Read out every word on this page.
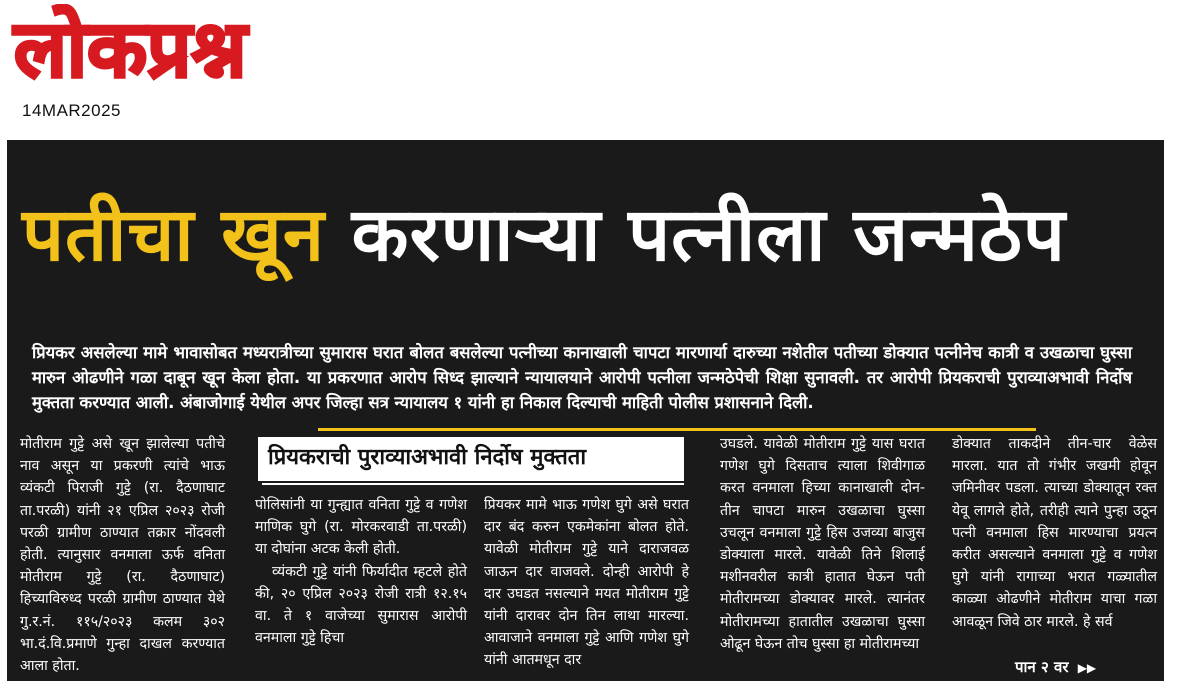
लोकप्रश्न
14MAR2025
पतीचा खून करणाऱ्या पत्नीला जन्मठेप
प्रियकर असलेल्या मामे भावासोबत मध्यरात्रीच्या सुमारास घरात बोलत बसलेल्या पत्नीच्या कानाखाली चापटा मारणार्या दारुच्या नशेतील पतीच्या डोक्यात पत्नीनेच कात्री व उखळाचा घुस्सा मारुन ओढणीने गळा दाबून खून केला होता. या प्रकरणात आरोप सिध्द झाल्याने न्यायालयाने आरोपी पत्नीला जन्मठेपेची शिक्षा सुनावली. तर आरोपी प्रियकराची पुराव्याअभावी निर्दोष मुक्तता करण्यात आली. अंबाजोगाई येथील अपर जिल्हा सत्र न्यायालय १ यांनी हा निकाल दिल्याची माहिती पोलीस प्रशासनाने दिली.

मोतीराम गुट्टे असे खून झालेल्या पतीचे नाव असून या प्रकरणी त्यांचे भाऊ व्यंकटी पिराजी गुट्टे (रा. दैठणाघाट ता.परळी) यांनी २१ एप्रिल २०२३ रोजी परळी ग्रामीण ठाण्यात तक्रार नोंदवली होती. त्यानुसार वनमाला ऊर्फ वनिता मोतीराम गुट्टे (रा. दैठणाघाट) हिच्याविरुध्द परळी ग्रामीण ठाण्यात येथे गु.र.नं. ११५/२०२३ कलम ३०२ भा.दं.वि.प्रमाणे गुन्हा दाखल करण्यात आला होता.

प्रियकराची पुराव्याअभावी निर्दोष मुक्तता

पोलिसांनी या गुन्ह्यात वनिता गुट्टे व गणेश माणिक घुगे (रा. मोरकरवाडी ता.परळी) या दोघांना अटक केली होती.

व्यंकटी गुट्टे यांनी फिर्यादीत म्हटले होते की, २० एप्रिल २०२३ रोजी रात्री १२.१५ वा. ते १ वाजेच्या सुमारास आरोपी वनमाला गुट्टे हिचा

प्रियकर मामे भाऊ गणेश घुगे असे घरात दार बंद करुन एकमेकांना बोलत होते. यावेळी मोतीराम गुट्टे याने दाराजवळ जाऊन दार वाजवले. दोन्ही आरोपी हे दार उघडत नसल्याने मयत मोतीराम गुट्टे यांनी दारावर दोन तिन लाथा मारल्या. आवाजाने वनमाला गुट्टे आणि गणेश घुगे यांनी आतमधून दार

उघडले. यावेळी मोतीराम गुट्टे यास घरात गणेश घुगे दिसताच त्याला शिवीगाळ करत वनमाला हिच्या कानाखाली दोन-तीन चापटा मारुन उखळाचा घुस्सा उचलून वनमाला गुट्टे हिस उजव्या बाजुस डोक्याला मारले. यावेळी तिने शिलाई मशीनवरील कात्री हातात घेऊन पती मोतीरामच्या डोक्यावर मारले. त्यानंतर मोतीरामच्या हातातील उखळाचा घुस्सा ओढून घेऊन तोच घुस्सा हा मोतीरामच्या

डोक्यात ताकदीने तीन-चार वेळेस मारला. यात तो गंभीर जखमी होवून जमिनीवर पडला. त्याच्या डोक्यातून रक्त येवू लागले होते, तरीही त्याने पुन्हा उठून पत्नी वनमाला हिस मारण्याचा प्रयत्न करीत असल्याने वनमाला गुट्टे व गणेश घुगे यांनी रागाच्या भरात गळ्यातील काळ्या ओढणीने मोतीराम याचा गळा आवळून जिवे ठार मारले. हे सर्व

पान २ वर ▶▶
